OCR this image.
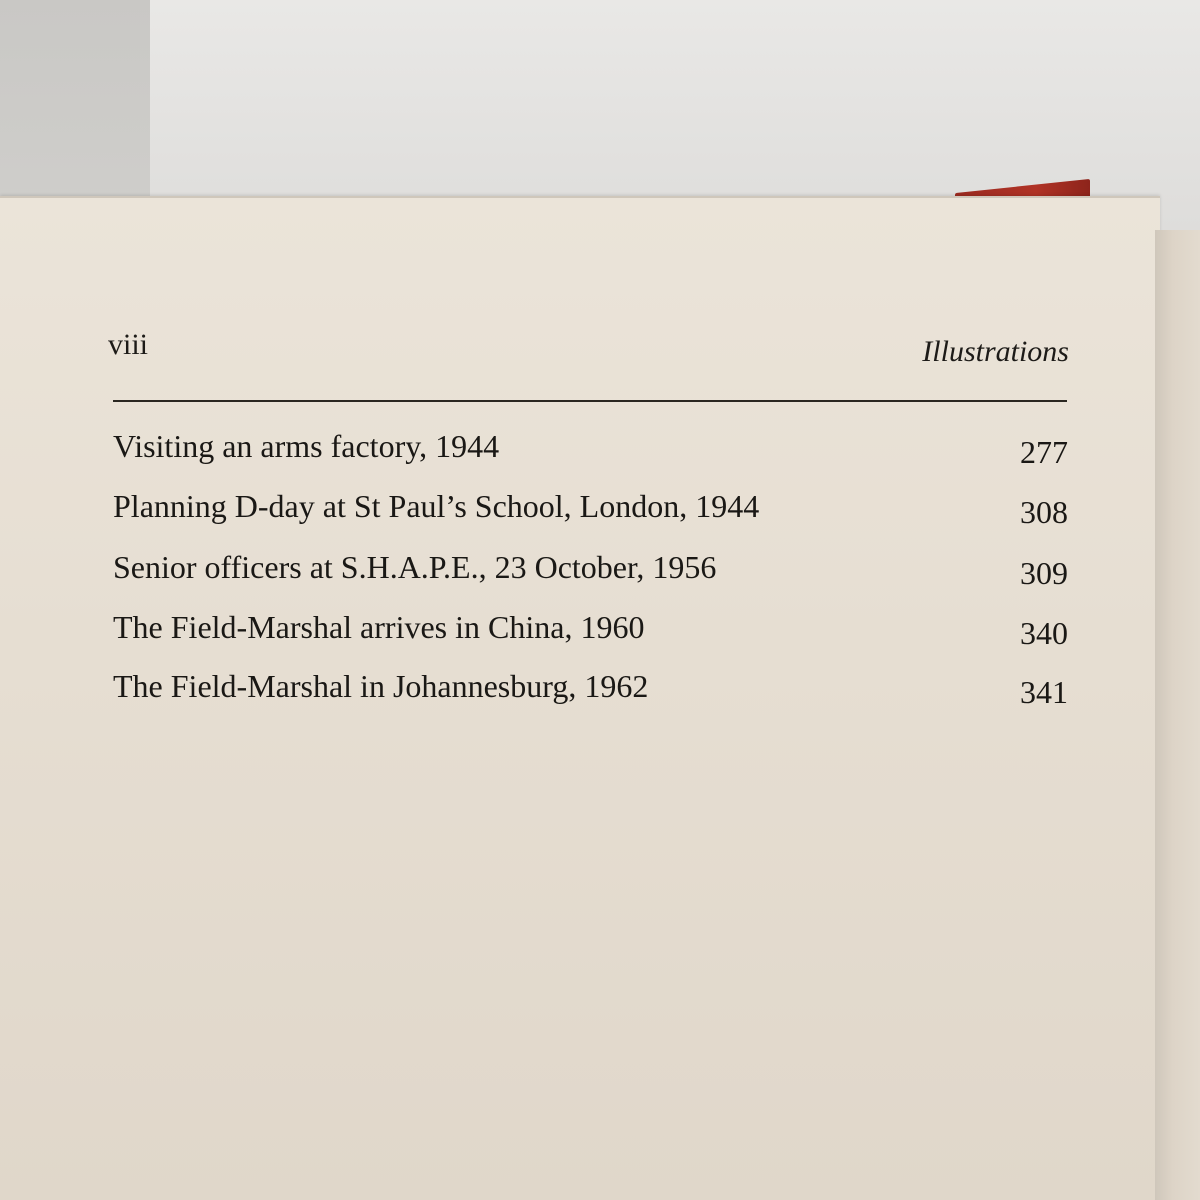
viii	Illustrations
Visiting an arms factory, 1944	277
Planning D-day at St Paul’s School, London, 1944	308
Senior officers at S.H.A.P.E., 23 October, 1956	309
The Field-Marshal arrives in China, 1960	340
The Field-Marshal in Johannesburg, 1962	341
